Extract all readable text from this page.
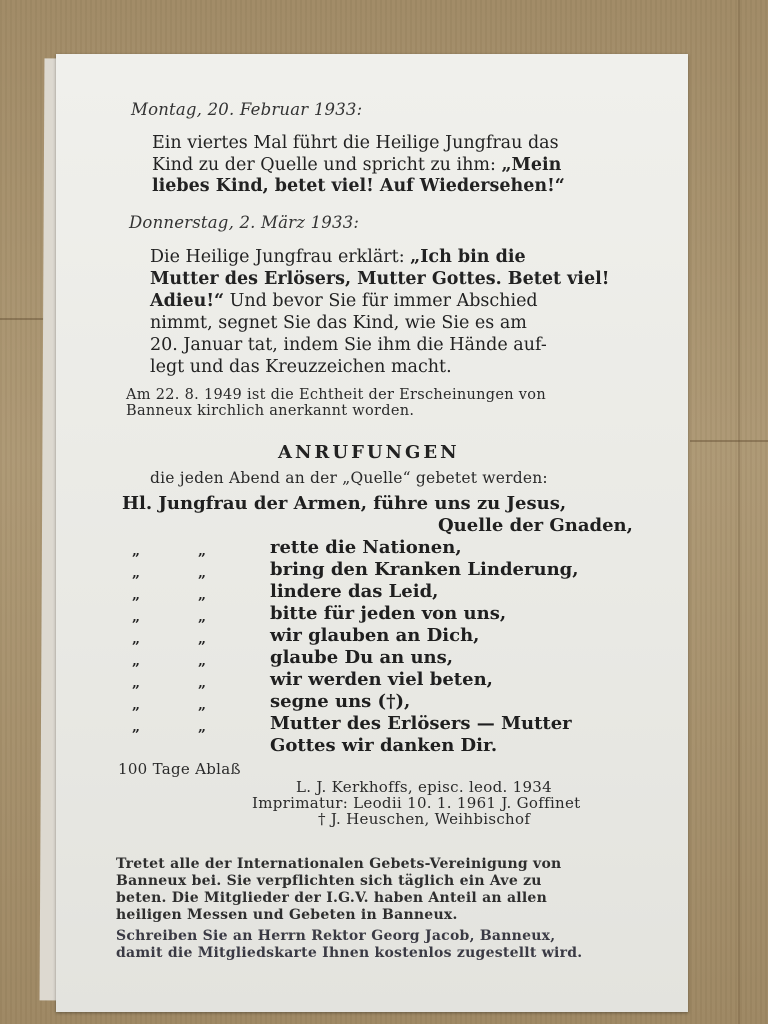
Montag, 20. Februar 1933:
Ein viertes Mal führt die Heilige Jungfrau das
Kind zu der Quelle und spricht zu ihm: „Mein
liebes Kind, betet viel! Auf Wiedersehen!“
Donnerstag, 2. März 1933:
Die Heilige Jungfrau erklärt: „Ich bin die
Mutter des Erlösers, Mutter Gottes. Betet viel!
Adieu!“ Und bevor Sie für immer Abschied
nimmt, segnet Sie das Kind, wie Sie es am
20. Januar tat, indem Sie ihm die Hände auf-
legt und das Kreuzzeichen macht.
Am 22. 8. 1949 ist die Echtheit der Erscheinungen von
Banneux kirchlich anerkannt worden.
ANRUFUNGEN
die jeden Abend an der „Quelle“ gebetet werden:
Hl. Jungfrau der Armen, führe uns zu Jesus,
Quelle der Gnaden,
„	„	rette die Nationen,
„	„	bring den Kranken Linderung,
„	„	lindere das Leid,
„	„	bitte für jeden von uns,
„	„	wir glauben an Dich,
„	„	glaube Du an uns,
„	„	wir werden viel beten,
„	„	segne uns (†),
„	„	Mutter des Erlösers — Mutter
Gottes wir danken Dir.
100 Tage Ablaß
L. J. Kerkhoffs, episc. leod. 1934
Imprimatur: Leodii 10. 1. 1961 J. Goffinet
† J. Heuschen, Weihbischof
Tretet alle der Internationalen Gebets-Vereinigung von
Banneux bei. Sie verpflichten sich täglich ein Ave zu
beten. Die Mitglieder der I.G.V. haben Anteil an allen
heiligen Messen und Gebeten in Banneux.
Schreiben Sie an Herrn Rektor Georg Jacob, Banneux,
damit die Mitgliedskarte Ihnen kostenlos zugestellt wird.
